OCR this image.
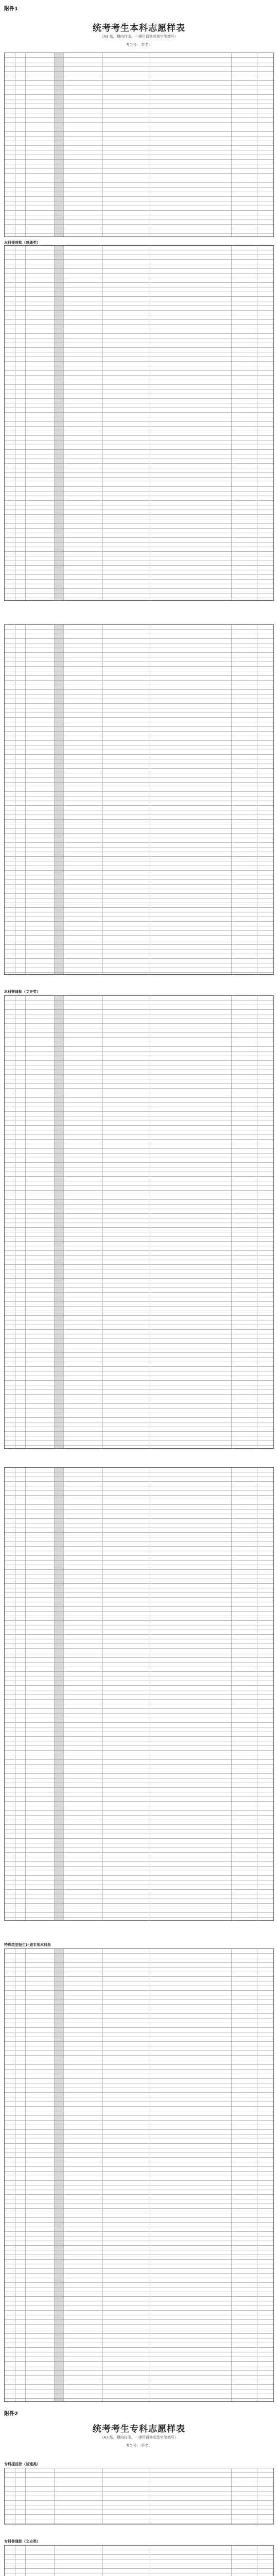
附件1
统考考生本科志愿样表
（A3 纸，横向打印，一律用钢笔或签字笔填写）
考生号： 姓名：
本科提前批（普通类）
本科普通批（文史类）
特殊类型招生计划专项本科批
附件2
统考考生专科志愿样表
（A3 纸，横向打印，一律用钢笔或签字笔填写）
考生号： 姓名：
专科提前批（普通类）
专科普通批（文史类）
